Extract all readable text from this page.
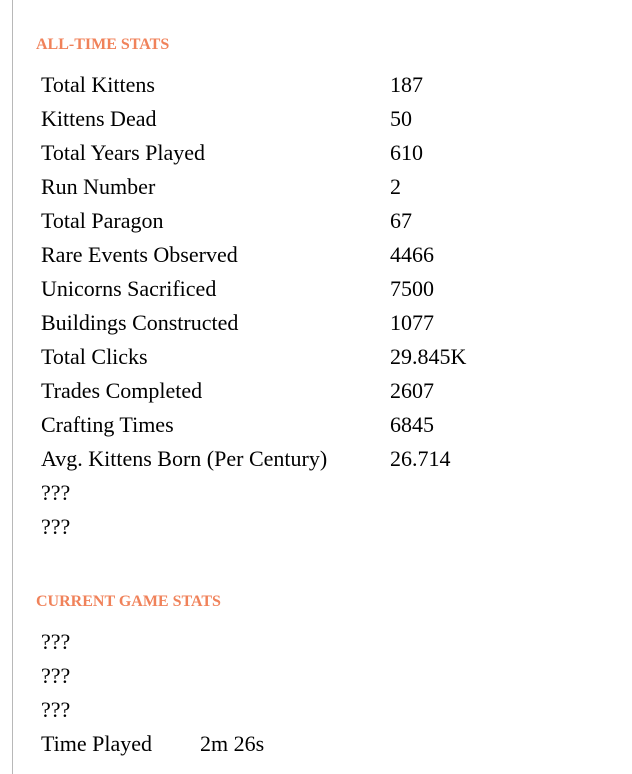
ALL-TIME STATS
Total Kittens	187
Kittens Dead	50
Total Years Played	610
Run Number	2
Total Paragon	67
Rare Events Observed	4466
Unicorns Sacrificed	7500
Buildings Constructed	1077
Total Clicks	29.845K
Trades Completed	2607
Crafting Times	6845
Avg. Kittens Born (Per Century)	26.714
???	
???	
CURRENT GAME STATS
???	
???	
???	
Time Played	2m 26s
